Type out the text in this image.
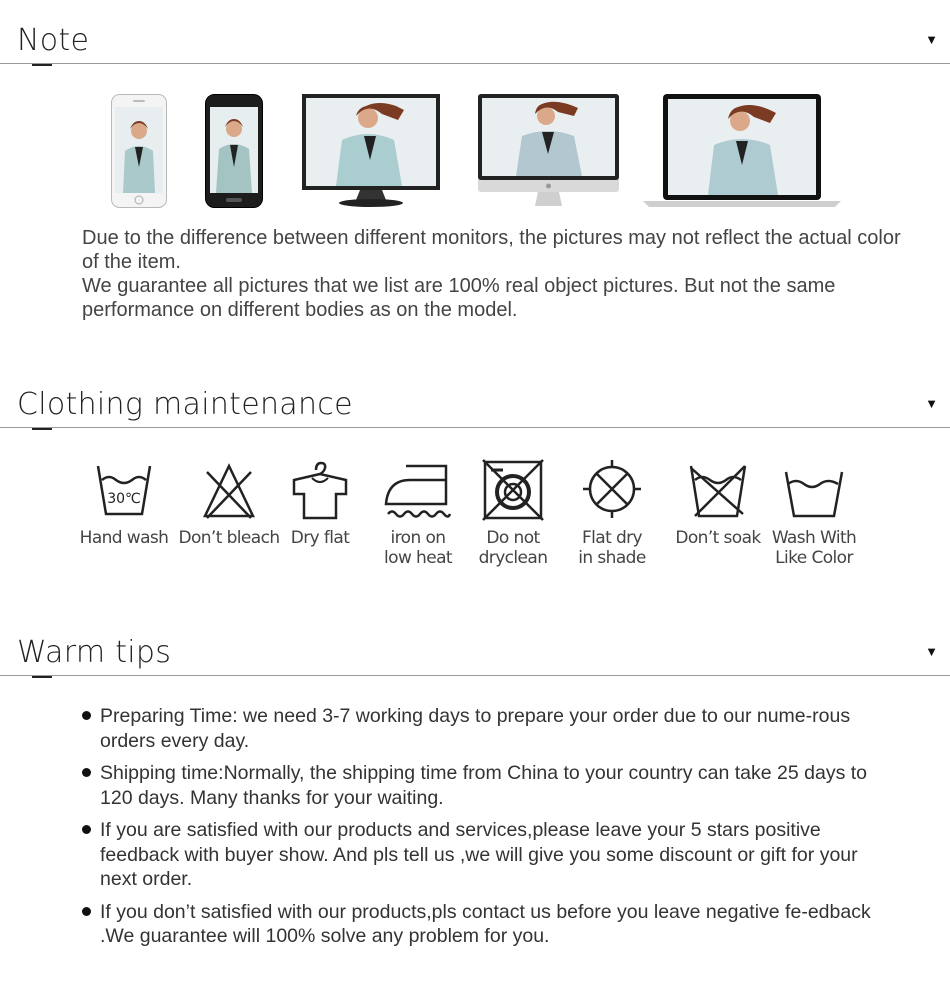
Note	▼

Due to the difference between different monitors, the pictures may not reflect the actual color of the item.

We guarantee all pictures that we list are 100% real object pictures. But not the same performance on different bodies as on the model.

Clothing maintenance	▼
30℃
Hand wash Don’t bleach Dry flat	iron on
low heat
Do not
dryclean
Flat dry
in shade
Don’t soak Wash With
Like Color
Warm tips	▼
Preparing Time: we need 3-7 working days to prepare your order due to our nume-rous orders every day.
Shipping time:Normally, the shipping time from China to your country can take 25 days to 120 days. Many thanks for your waiting.
If you are satisfied with our products and services,please leave your 5 stars positive feedback with buyer show. And pls tell us ,we will give you some discount or gift for your next order.
If you don’t satisfied with our products,pls contact us before you leave negative fe-edback .We guarantee will 100% solve any problem for you.
